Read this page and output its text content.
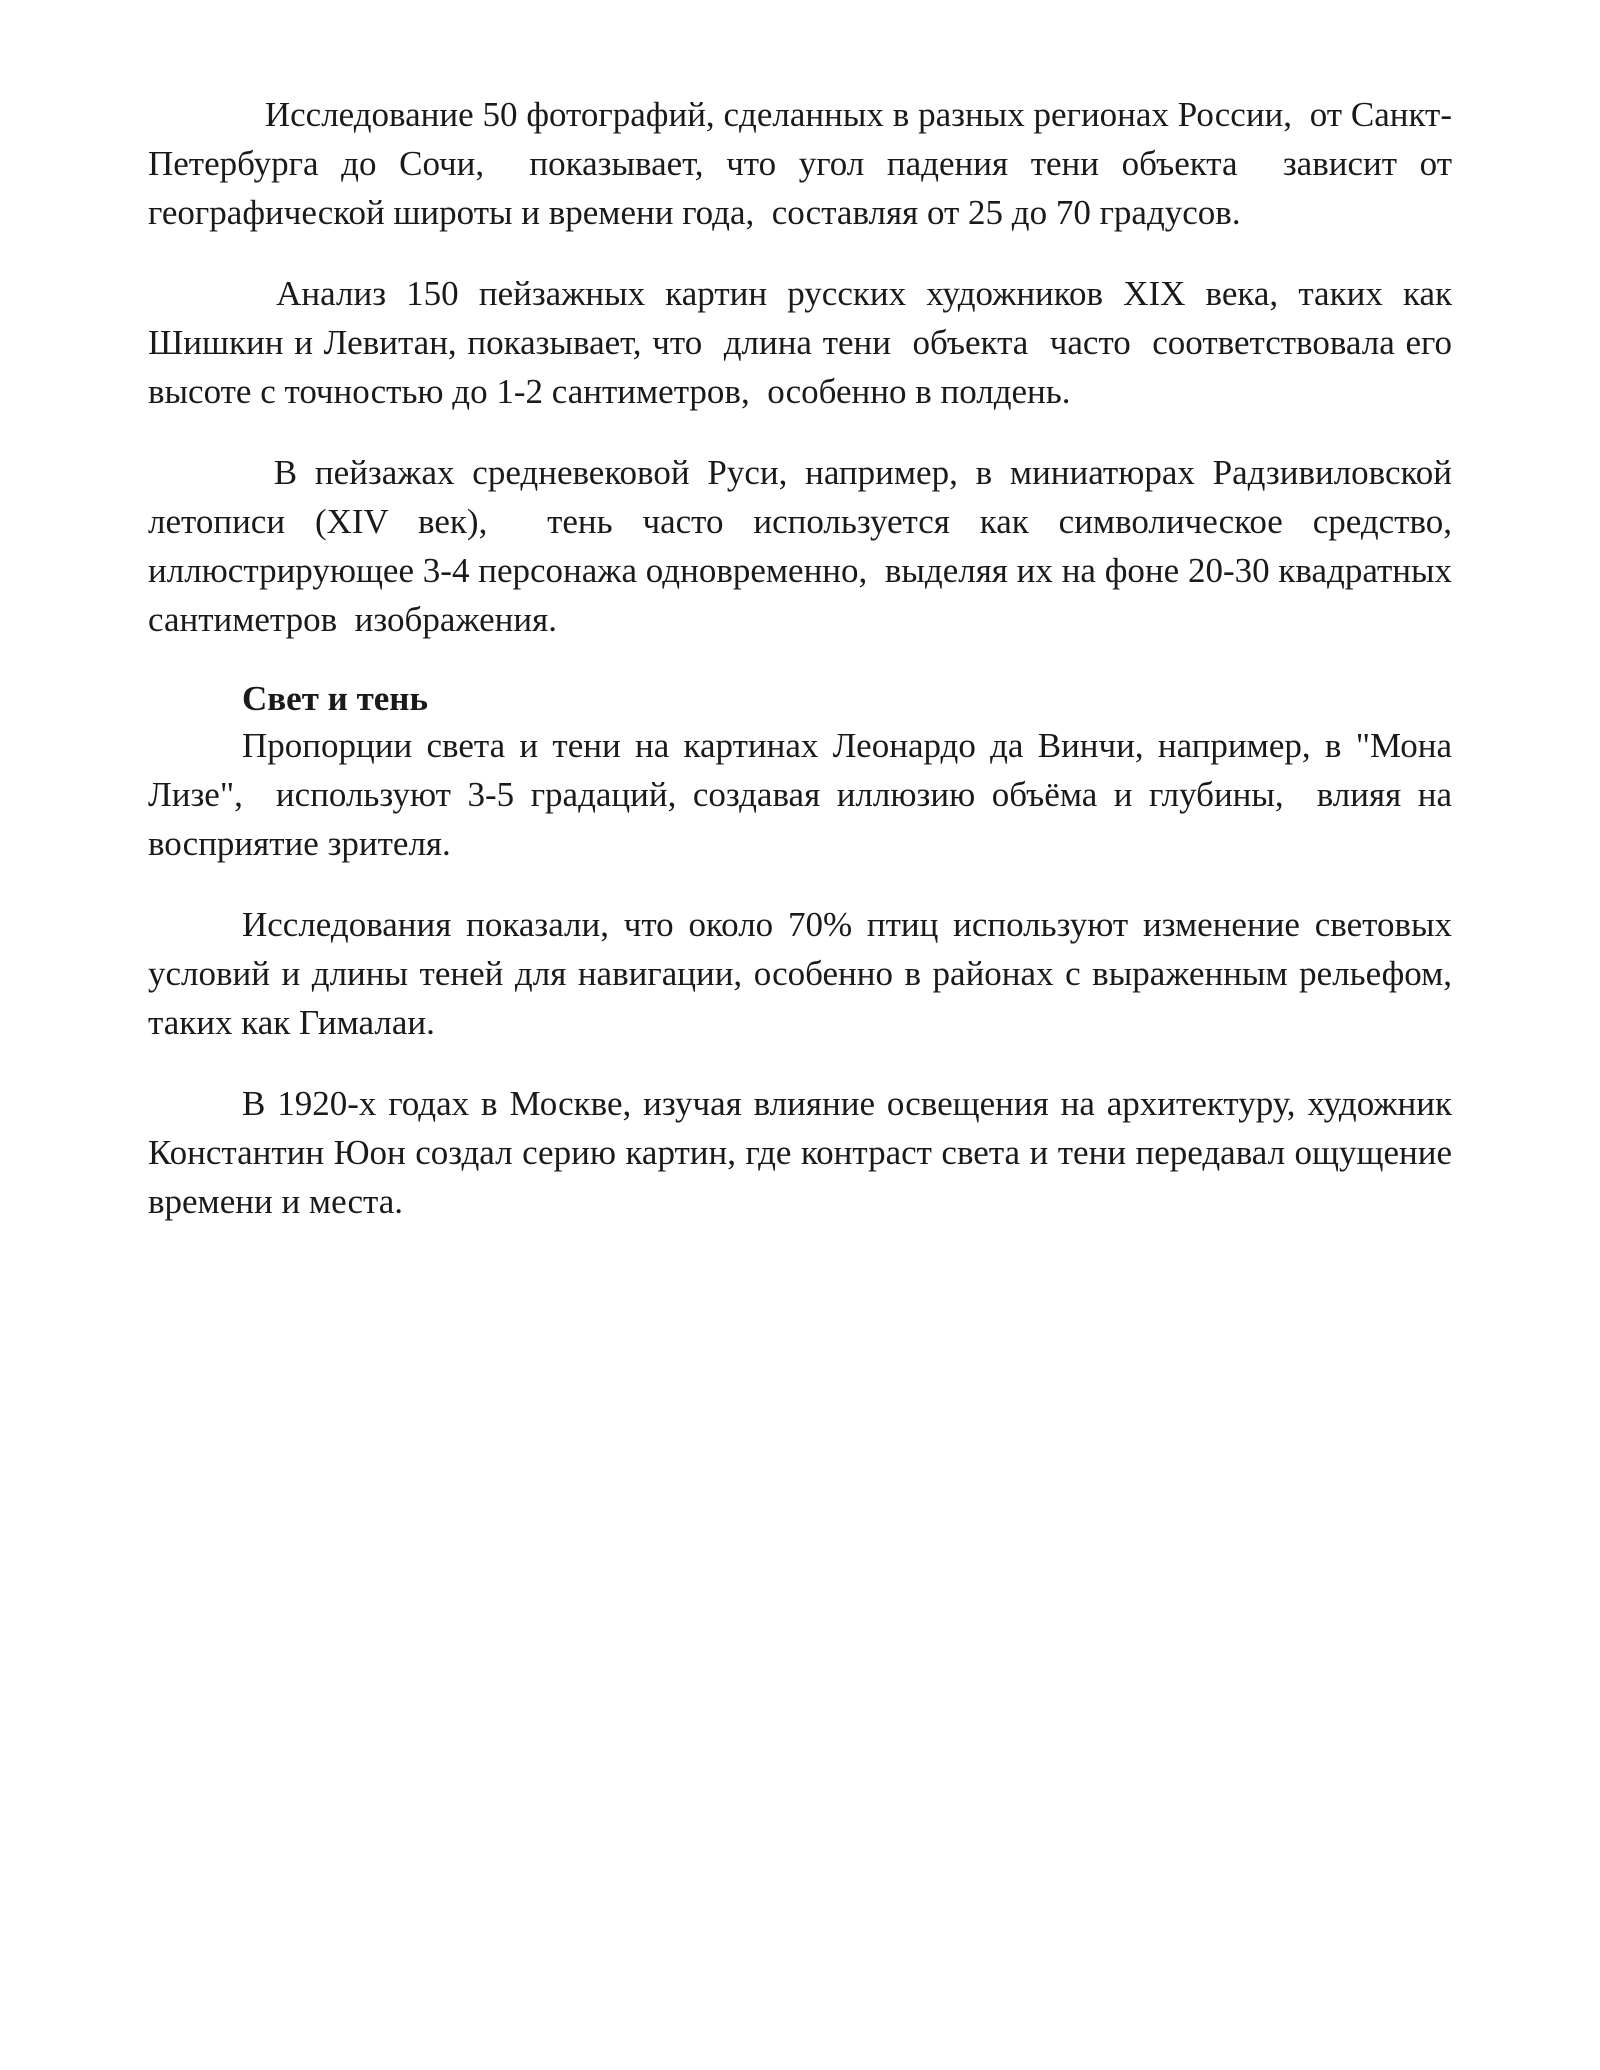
Исследование 50 фотографий, сделанных в разных регионах России,  от Санкт-Петербурга до Сочи,  показывает, что угол падения тени объекта  зависит от географической широты и времени года,  составляя от 25 до 70 градусов.

Анализ 150 пейзажных картин русских художников XIX века, таких как Шишкин и Левитан, показывает, что  длина тени  объекта  часто  соответствовала его высоте с точностью до 1-2 сантиметров,  особенно в полдень.

В пейзажах средневековой Руси, например, в миниатюрах Радзивиловской летописи (XIV век),  тень часто используется как символическое средство, иллюстрирующее 3-4 персонажа одновременно,  выделяя их на фоне 20-30 квадратных сантиметров  изображения.

Свет и тень

Пропорции света и тени на картинах Леонардо да Винчи, например, в "Мона Лизе",  используют 3-5 градаций, создавая иллюзию объёма и глубины,  влияя на восприятие зрителя.

Исследования показали, что около 70% птиц используют изменение световых условий и длины теней для навигации, особенно в районах с выраженным рельефом, таких как Гималаи.

В 1920-х годах в Москве, изучая влияние освещения на архитектуру, художник Константин Юон создал серию картин, где контраст света и тени передавал ощущение времени и места.
